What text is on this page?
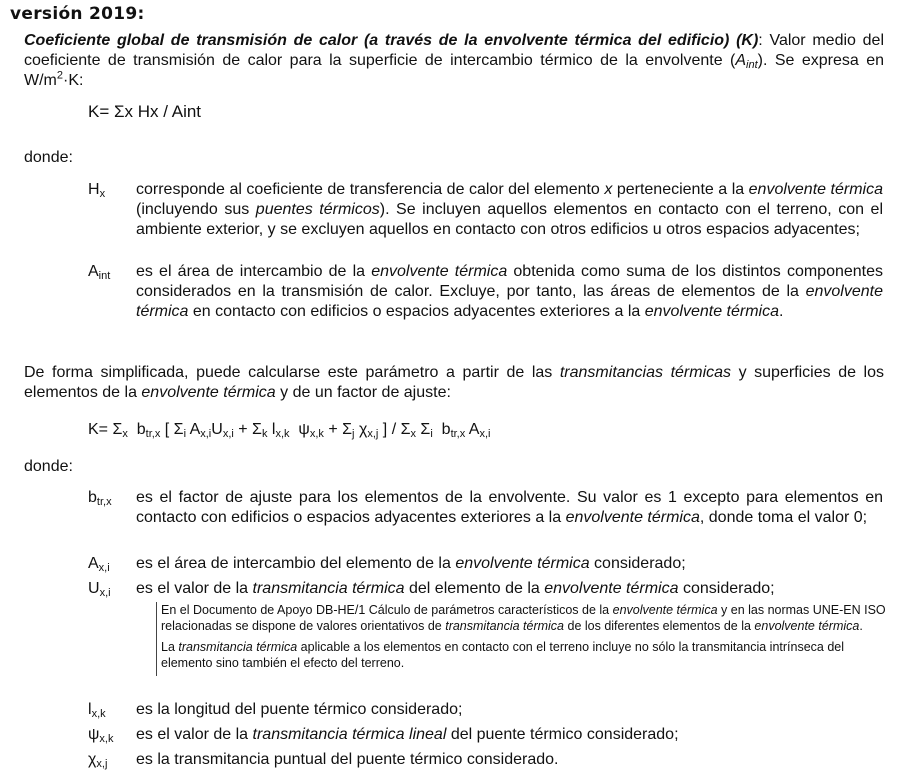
versión 2019:
Coeficiente global de transmisión de calor (a través de la envolvente térmica del edificio) (K): Valor medio del coeficiente de transmisión de calor para la superficie de intercambio térmico de la envolvente $(A_{int})$. Se expresa en $W/m^2\cdot K$:
K= Σx Hx / Aint
donde:
$H_x$ corresponde al coeficiente de transferencia de calor del elemento x perteneciente a la envolvente térmica (incluyendo sus puentes térmicos). Se incluyen aquellos elementos en contacto con el terreno, con el ambiente exterior, y se excluyen aquellos en contacto con otros edificios u otros espacios adyacentes;
$A_{int}$ es el área de intercambio de la envolvente térmica obtenida como suma de los distintos componentes considerados en la transmisión de calor. Excluye, por tanto, las áreas de elementos de la envolvente térmica en contacto con edificios o espacios adyacentes exteriores a la envolvente térmica.
De forma simplificada, puede calcularse este parámetro a partir de las transmitancias térmicas y superficies de los elementos de la envolvente térmica y de un factor de ajuste:
$K= \Sigma_x$ $b_{tr,x}$ [ $\Sigma_i$ $A_{x,i}U_{x,i} + \Sigma_k$ $l_{x,k}$ $\psi_{x,k} + \Sigma_j$ $\chi_{x,j}$ ] / $\Sigma_x$ $\Sigma_i$ $b_{tr,x}$ $A_{x,i}$
donde:
$b_{tr,x}$ es el factor de ajuste para los elementos de la envolvente. Su valor es 1 excepto para elementos en contacto con edificios o espacios adyacentes exteriores a la envolvente térmica, donde toma el valor 0;
$A_{x,i}$ es el área de intercambio del elemento de la envolvente térmica considerado;
$U_{x,i}$ es el valor de la transmitancia térmica del elemento de la envolvente térmica considerado;

En el Documento de Apoyo DB-HE/1 Cálculo de parámetros característicos de la envolvente térmica y en las normas UNE-EN ISO relacionadas se dispone de valores orientativos de transmitancia térmica de los diferentes elementos de la envolvente térmica.

La transmitancia térmica aplicable a los elementos en contacto con el terreno incluye no sólo la transmitancia intrínseca del elemento sino también el efecto del terreno.

$l_{x,k}$ es la longitud del puente térmico considerado;
$\psi_{x,k}$ es el valor de la transmitancia térmica lineal del puente térmico considerado;
$\chi_{x,j}$ es la transmitancia puntual del puente térmico considerado.
